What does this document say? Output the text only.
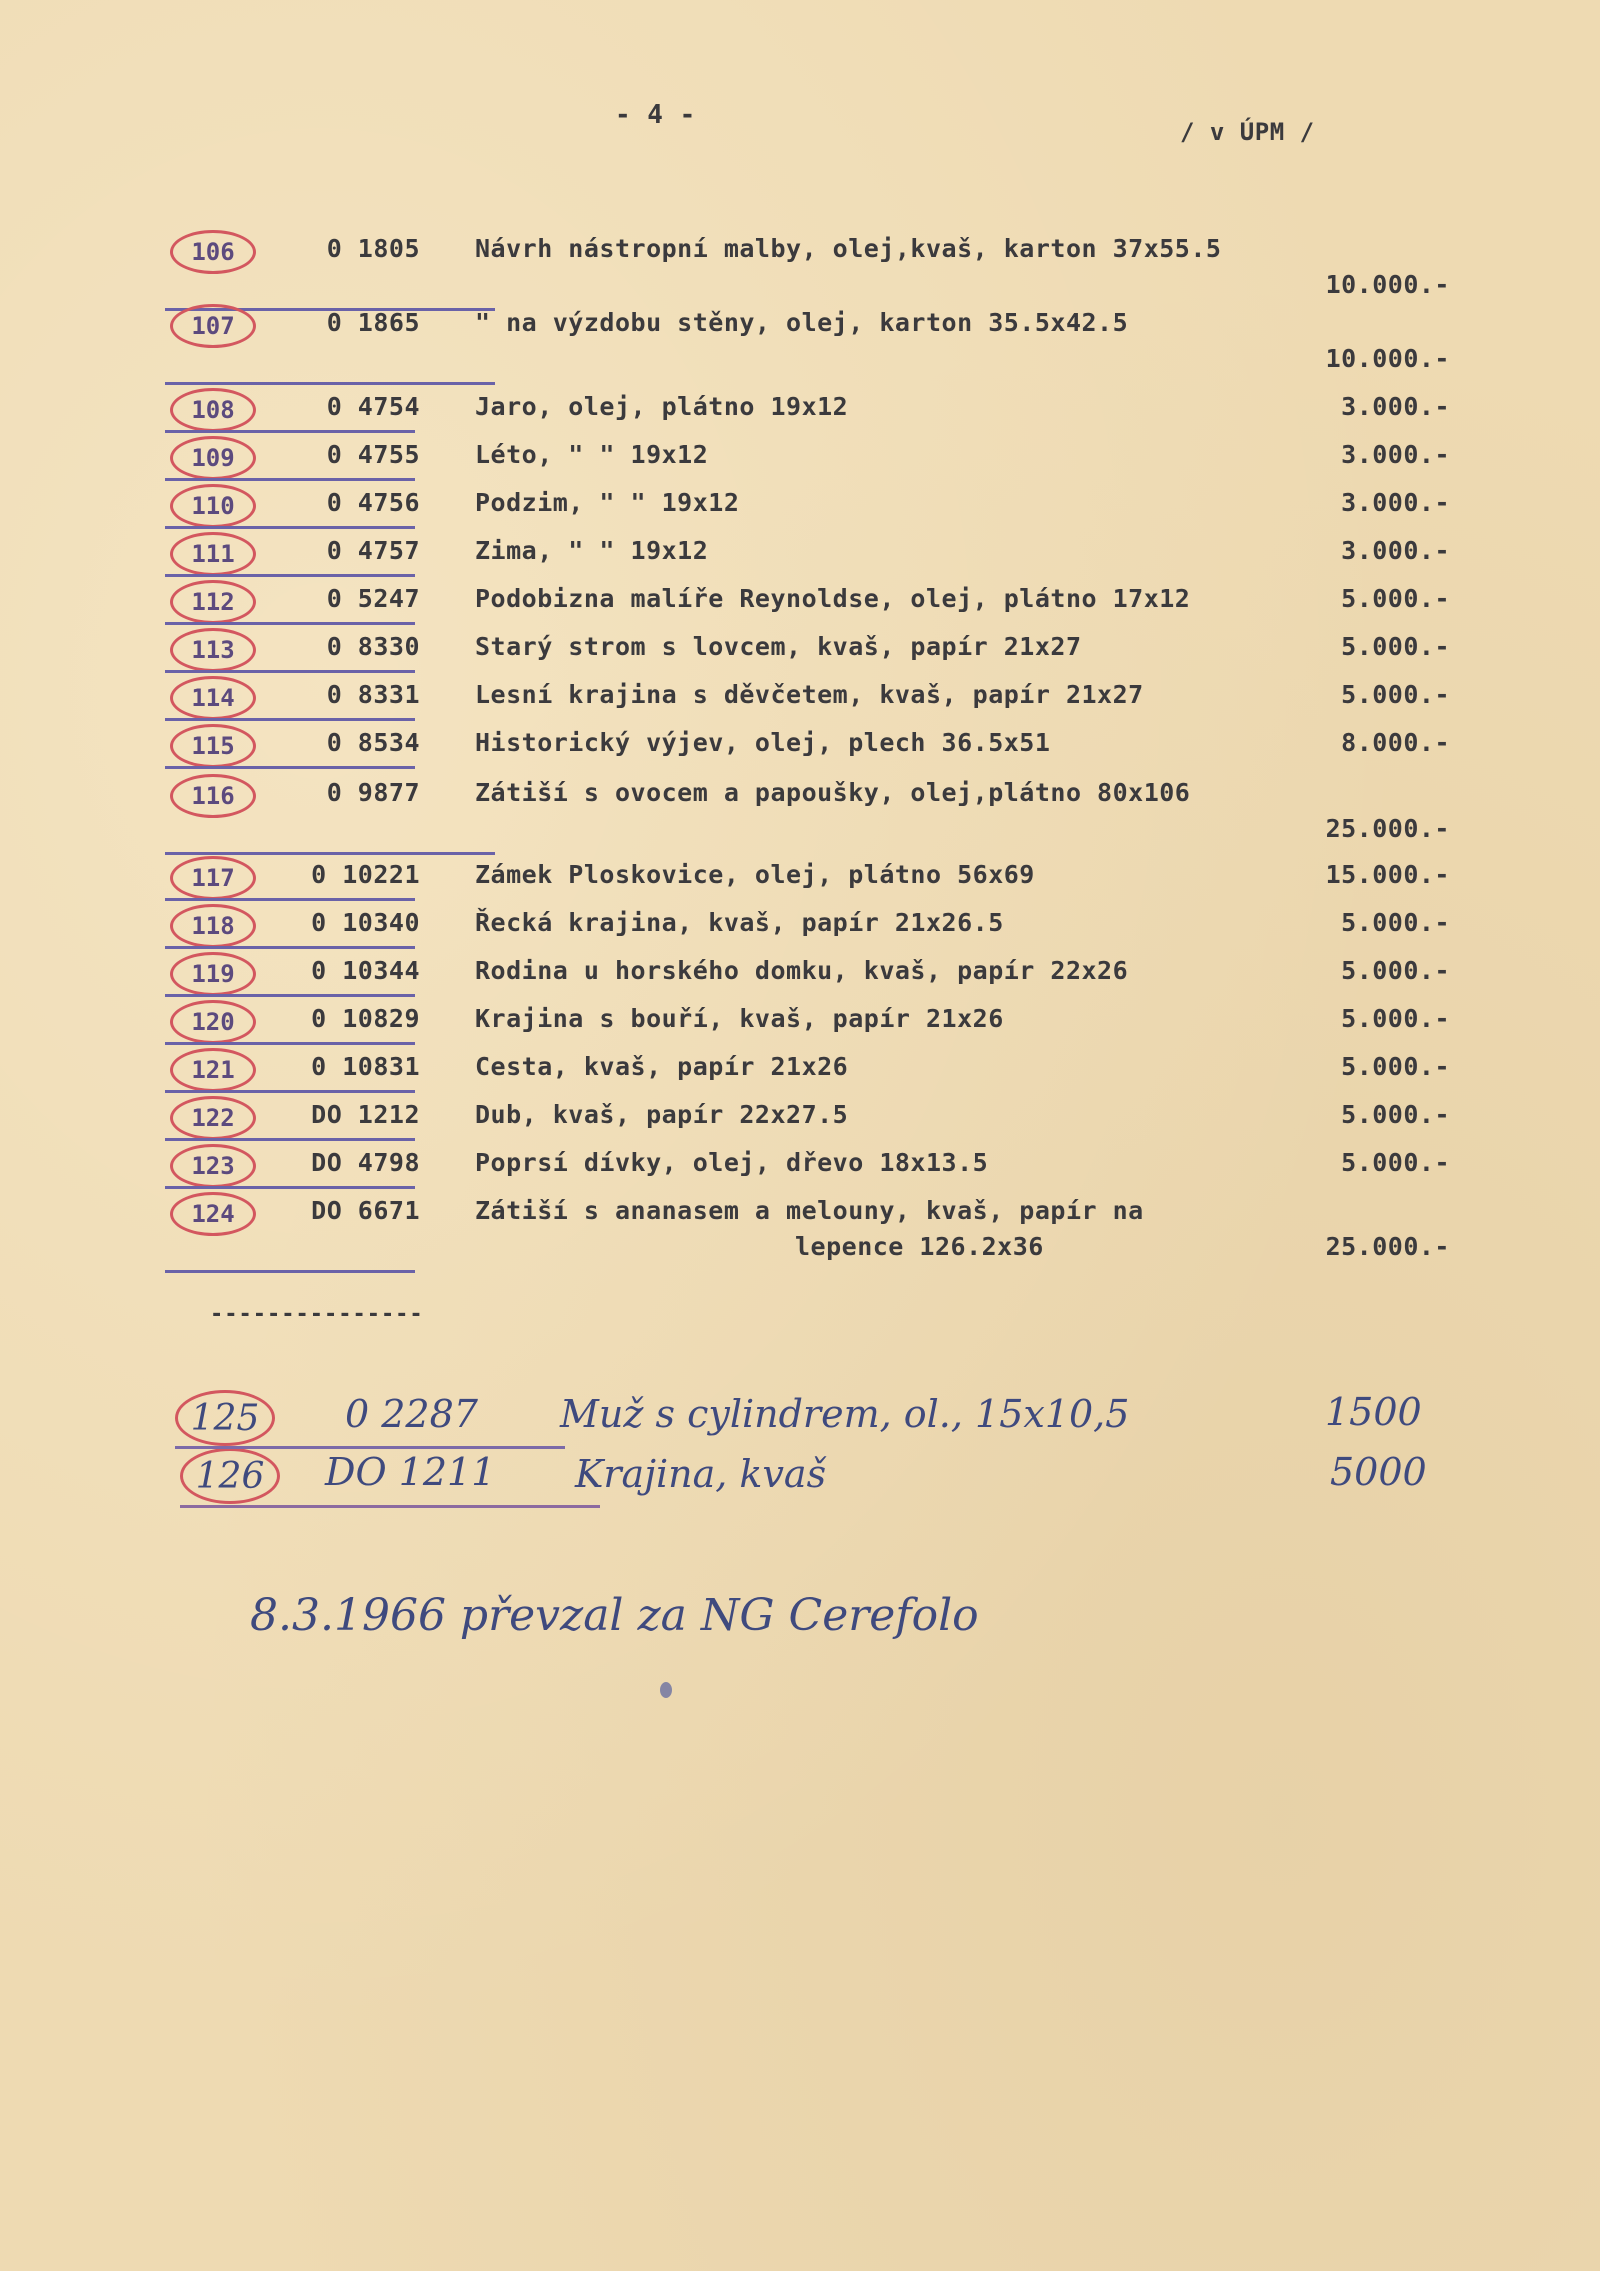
- 4 -
/ v ÚPM /
106	0 1805 Návrh nástropní malby, olej,kvaš, karton 37x55.5
10.000.-
107	0 1865 " na výzdobu stěny, olej, karton 35.5x42.5
10.000.-
108	0 4754 Jaro, olej, plátno 19x12	3.000.-
109	0 4755 Léto, " " 19x12	3.000.-
110	0 4756 Podzim, " " 19x12	3.000.-
111	0 4757 Zima, " " 19x12	3.000.-
112	0 5247 Podobizna malíře Reynoldse, olej, plátno 17x12	5.000.-
113	0 8330 Starý strom s lovcem, kvaš, papír 21x27	5.000.-
114	0 8331 Lesní krajina s děvčetem, kvaš, papír 21x27	5.000.-
115	0 8534 Historický výjev, olej, plech 36.5x51	8.000.-
116	0 9877 Zátiší s ovocem a papoušky, olej,plátno 80x106
25.000.-
117	0 10221 Zámek Ploskovice, olej, plátno 56x69	15.000.-
118	0 10340 Řecká krajina, kvaš, papír 21x26.5	5.000.-
119	0 10344 Rodina u horského domku, kvaš, papír 22x26	5.000.-
120	0 10829 Krajina s bouří, kvaš, papír 21x26	5.000.-
121	0 10831 Cesta, kvaš, papír 21x26	5.000.-
122	DO 1212 Dub, kvaš, papír 22x27.5	5.000.-
123	DO 4798 Poprsí dívky, olej, dřevo 18x13.5	5.000.-
124	DO 6671 Zátiší s ananasem a melouny, kvaš, papír na
lepence 126.2x36	25.000.-
---------------
125	0 2287 Muž s cylindrem, ol., 15x10,5	1500
126	DO 1211 Krajina, kvaš	5000
8.3.1966 převzal za NG Cerefolo
